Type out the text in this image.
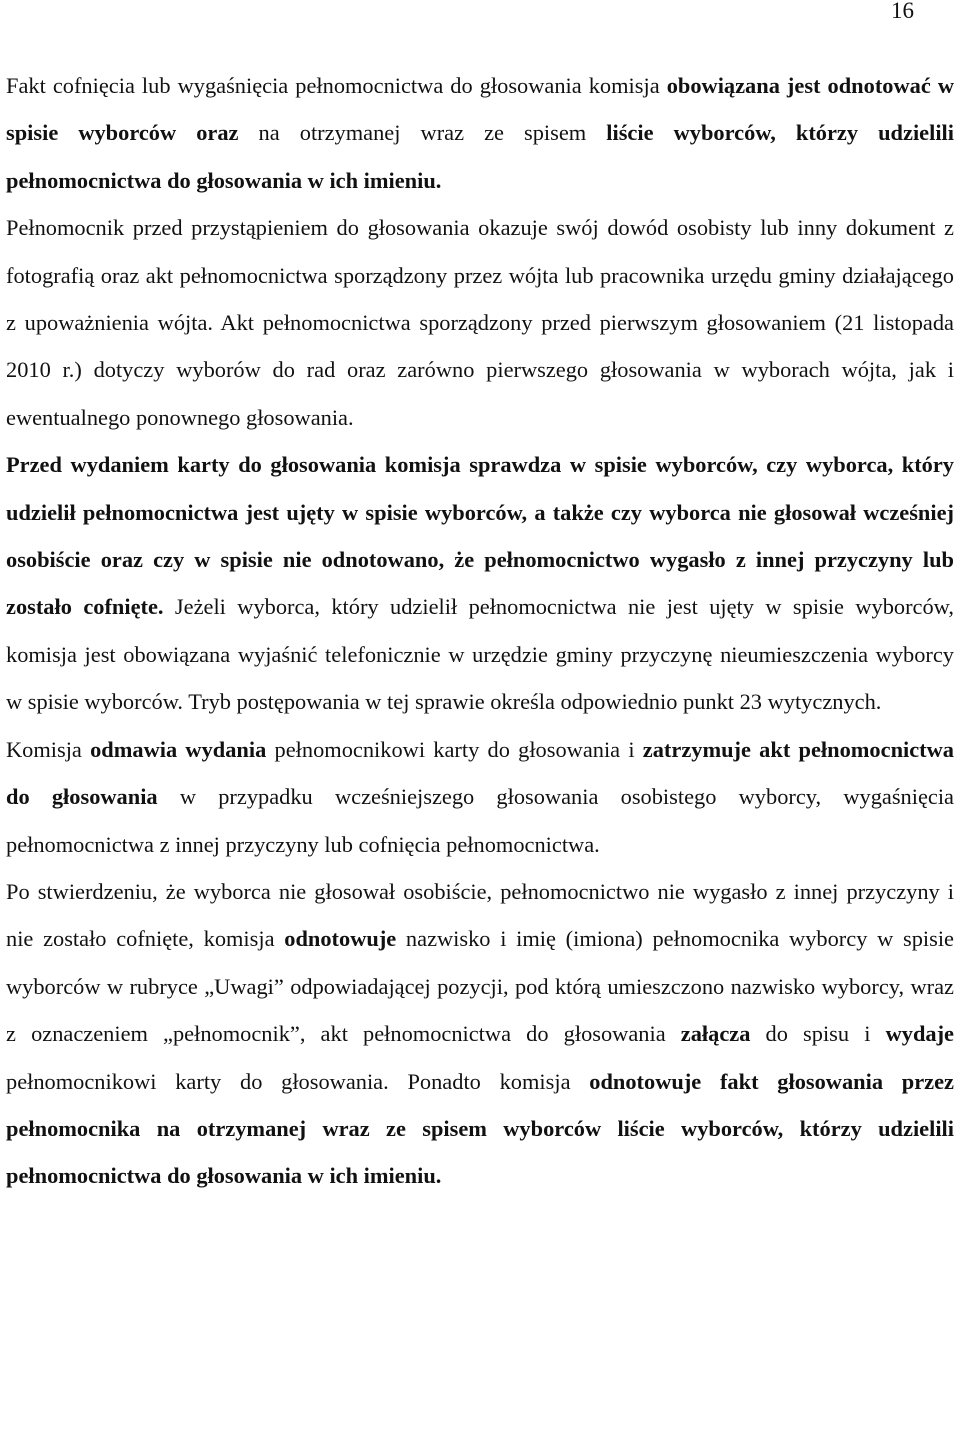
16

Fakt cofnięcia lub wygaśnięcia pełnomocnictwa do głosowania komisja obowiązana jest odnotować w spisie wyborców oraz na otrzymanej wraz ze spisem liście wyborców, którzy udzielili pełnomocnictwa do głosowania w ich imieniu.

Pełnomocnik przed przystąpieniem do głosowania okazuje swój dowód osobisty lub inny dokument z fotografią oraz akt pełnomocnictwa sporządzony przez wójta lub pracownika urzędu gminy działającego z upoważnienia wójta. Akt pełnomocnictwa sporządzony przed pierwszym głosowaniem (21 listopada 2010 r.) dotyczy wyborów do rad oraz zarówno pierwszego głosowania w wyborach wójta, jak i ewentualnego ponownego głosowania.

Przed wydaniem karty do głosowania komisja sprawdza w spisie wyborców, czy wyborca, który udzielił pełnomocnictwa jest ujęty w spisie wyborców, a także czy wyborca nie głosował wcześniej osobiście oraz czy w spisie nie odnotowano, że pełnomocnictwo wygasło z innej przyczyny lub zostało cofnięte. Jeżeli wyborca, który udzielił pełnomocnictwa nie jest ujęty w spisie wyborców, komisja jest obowiązana wyjaśnić telefonicznie w urzędzie gminy przyczynę nieumieszczenia wyborcy w spisie wyborców. Tryb postępowania w tej sprawie określa odpowiednio punkt 23 wytycznych.

Komisja odmawia wydania pełnomocnikowi karty do głosowania i zatrzymuje akt pełnomocnictwa do głosowania w przypadku wcześniejszego głosowania osobistego wyborcy, wygaśnięcia pełnomocnictwa z innej przyczyny lub cofnięcia pełnomocnictwa.

Po stwierdzeniu, że wyborca nie głosował osobiście, pełnomocnictwo nie wygasło z innej przyczyny i nie zostało cofnięte, komisja odnotowuje nazwisko i imię (imiona) pełnomocnika wyborcy w spisie wyborców w rubryce „Uwagi” odpowiadającej pozycji, pod którą umieszczono nazwisko wyborcy, wraz z oznaczeniem „pełnomocnik”, akt pełnomocnictwa do głosowania załącza do spisu i wydaje pełnomocnikowi karty do głosowania. Ponadto komisja odnotowuje fakt głosowania przez pełnomocnika na otrzymanej wraz ze spisem wyborców liście wyborców, którzy udzielili pełnomocnictwa do głosowania w ich imieniu.
